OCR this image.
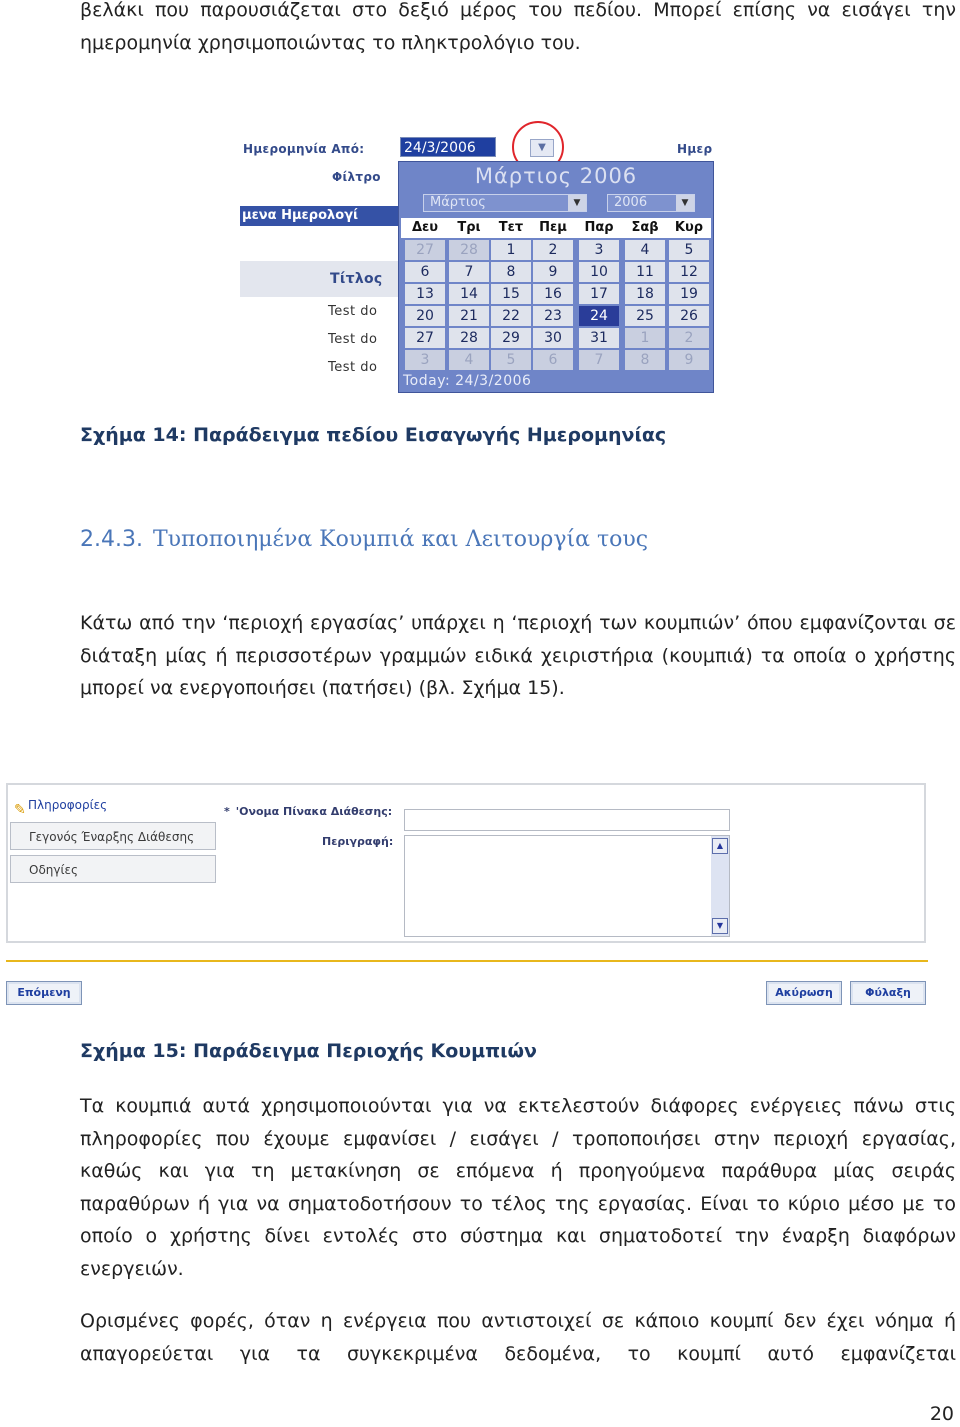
βελάκι που παρουσιάζεται στο δεξιό μέρος του πεδίου. Μπορεί επίσης να εισάγει την
ημερομηνία χρησιμοποιώντας το πληκτρολόγιο του.
Ημερομηνία Από:	24/3/2006	▼	Ημερ
Φίλτρο
μενα Ημερολογί
Τίτλος
Test do
Test do
Test do
Μάρτιος 2006
Μάρτιος	▼	2006	▼
Δευ	Τρι	Τετ	Πεμ	Παρ	Σαβ	Κυρ
27	28	1	2	3	4	5
6	7	8	9	10	11	12
13	14	15	16	17	18	19
20	21	22	23	24	25	26
27	28	29	30	31	1	2
3	4	5	6	7	8	9
Today: 24/3/2006
Σχήμα 14: Παράδειγμα πεδίου Εισαγωγής Ημερομηνίας
2.4.3. Τυποποιημένα Κουμπιά και Λειτουργία τους
Κάτω από την ‘περιοχή εργασίας’ υπάρχει η ‘περιοχή των κουμπιών’ όπου εμφανίζονται σε
διάταξη μίας ή περισσοτέρων γραμμών ειδικά χειριστήρια (κουμπιά) τα οποία ο χρήστης
μπορεί να ενεργοποιήσει (πατήσει) (βλ. Σχήμα 15).
✎ Πληροφορίες
Γεγονός Έναρξης Διάθεσης
Οδηγίες
* 'Ονομα Πίνακα Διάθεσης:
Περιγραφή:	▲
▼
Επόμενη	Ακύρωση	Φύλαξη
Σχήμα 15: Παράδειγμα Περιοχής Κουμπιών
Τα κουμπιά αυτά χρησιμοποιούνται για να εκτελεστούν διάφορες ενέργειες πάνω στις
πληροφορίες που έχουμε εμφανίσει / εισάγει / τροποποιήσει στην περιοχή εργασίας,
καθώς και για τη μετακίνηση σε επόμενα ή προηγούμενα παράθυρα μίας σειράς
παραθύρων ή για να σηματοδοτήσουν το τέλος της εργασίας. Είναι το κύριο μέσο με το
οποίο ο χρήστης δίνει εντολές στο σύστημα και σηματοδοτεί την έναρξη διαφόρων
ενεργειών.
Ορισμένες φορές, όταν η ενέργεια που αντιστοιχεί σε κάποιο κουμπί δεν έχει νόημα ή
απαγορεύεται για τα συγκεκριμένα δεδομένα, το κουμπί αυτό εμφανίζεται
20
